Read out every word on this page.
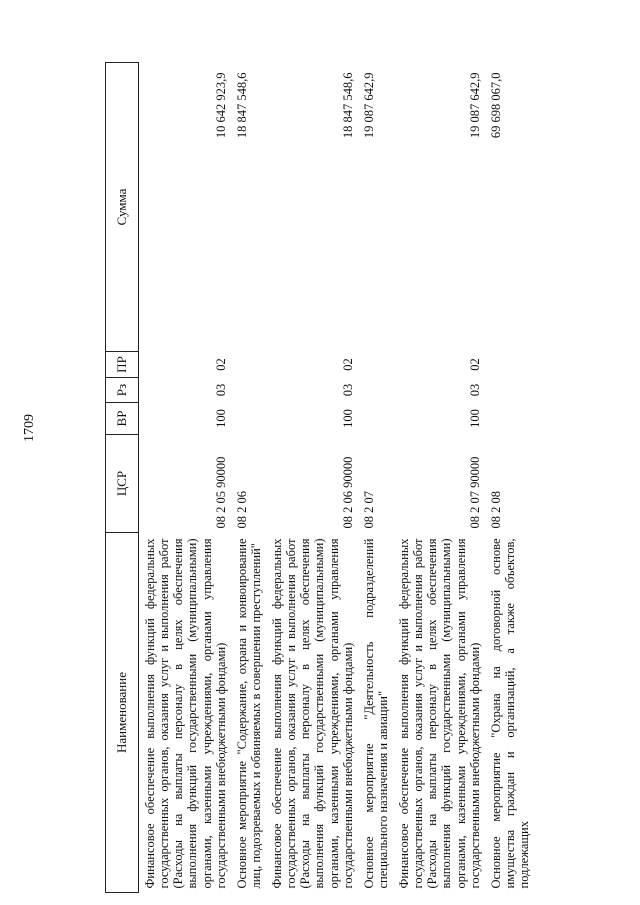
1709
Наименование	ЦСР	ВР	Рз	ПР	Сумма
Финансовое обеспечение выполнения функций федеральных государственных органов, оказания услуг и выполнения работ (Расходы на выплаты персоналу в целях обеспечения выполнения функций государственными (муниципальными) органами, казенными учреждениями, органами управления государственными внебюджетными фондами)	08 2 05 90000	100	03	02	10 642 923,9
Основное мероприятие "Содержание, охрана и конвоирование лиц, подозреваемых и обвиняемых в совершении преступлений"	08 2 06				18 847 548,6
Финансовое обеспечение выполнения функций федеральных государственных органов, оказания услуг и выполнения работ (Расходы на выплаты персоналу в целях обеспечения выполнения функций государственными (муниципальными) органами, казенными учреждениями, органами управления государственными внебюджетными фондами)	08 2 06 90000	100	03	02	18 847 548,6
Основное мероприятие "Деятельность подразделений специального назначения и авиации"	08 2 07				19 087 642,9
Финансовое обеспечение выполнения функций федеральных государственных органов, оказания услуг и выполнения работ (Расходы на выплаты персоналу в целях обеспечения выполнения функций государственными (муниципальными) органами, казенными учреждениями, органами управления государственными внебюджетными фондами)	08 2 07 90000	100	03	02	19 087 642,9
Основное мероприятие "Охрана на договорной основе имущества граждан и организаций, а также объектов, подлежащих	08 2 08				69 698 067,0
